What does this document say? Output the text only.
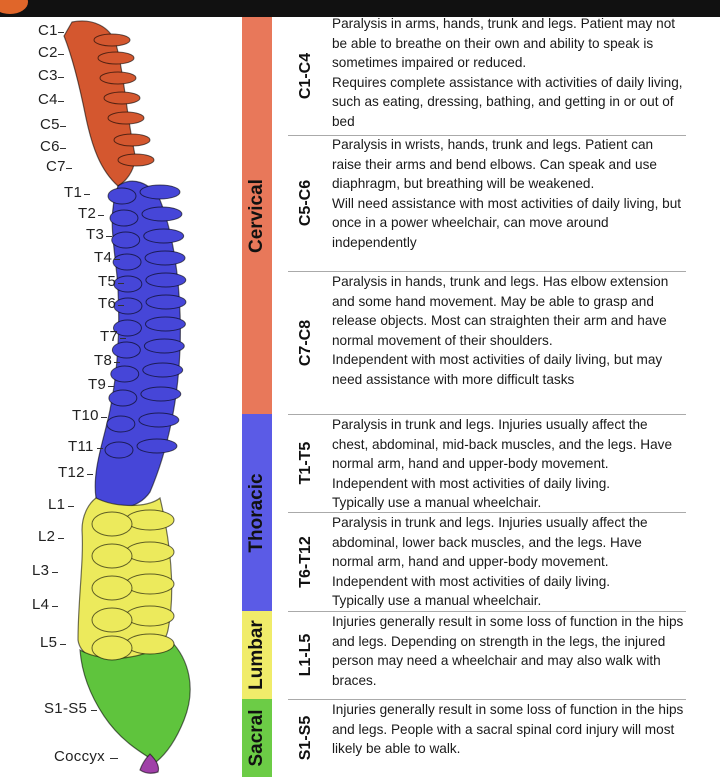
C1
C2
C3
C4
C5
C6
C7
T1
T2
T3
T4
T5
T6
T7
T8
T9
T10
T11
T12
L1
L2
L3
L4
L5
S1-S5
Coccyx
Cervical
Thoracic
Lumbar
Sacral
C1-C4
C5-C6
C7-C8
T1-T5
T6-T12
L1-L5
S1-S5
Paralysis in arms, hands, trunk and legs. Patient may not be able to breathe on their own and ability to speak is sometimes impaired or reduced.
Requires complete assistance with activities of daily living, such as eating, dressing, bathing, and getting in or out of bed
Paralysis in wrists, hands, trunk and legs. Patient can raise their arms and bend elbows. Can speak and use diaphragm, but breathing will be weakened.
Will need assistance with most activities of daily living, but once in a power wheelchair, can move around independently
Paralysis in hands, trunk and legs. Has elbow extension and some hand movement. May be able to grasp and release objects. Most can straighten their arm and have normal movement of their shoulders.
Independent with most activities of daily living, but may need assistance with more difficult tasks
Paralysis in trunk and legs. Injuries usually affect the chest, abdominal, mid-back muscles, and the legs. Have normal arm, hand and upper-body movement.
Independent with most activities of daily living.
Typically use a manual wheelchair.
Paralysis in trunk and legs. Injuries usually affect the abdominal, lower back muscles, and the legs. Have normal arm, hand and upper-body movement.
Independent with most activities of daily living.
Typically use a manual wheelchair.
Injuries generally result in some loss of function in the hips and legs. Depending on strength in the legs, the injured person may need a wheelchair and may also walk with braces.
Injuries generally result in some loss of function in the hips and legs. People with a sacral spinal cord injury will most likely be able to walk.
